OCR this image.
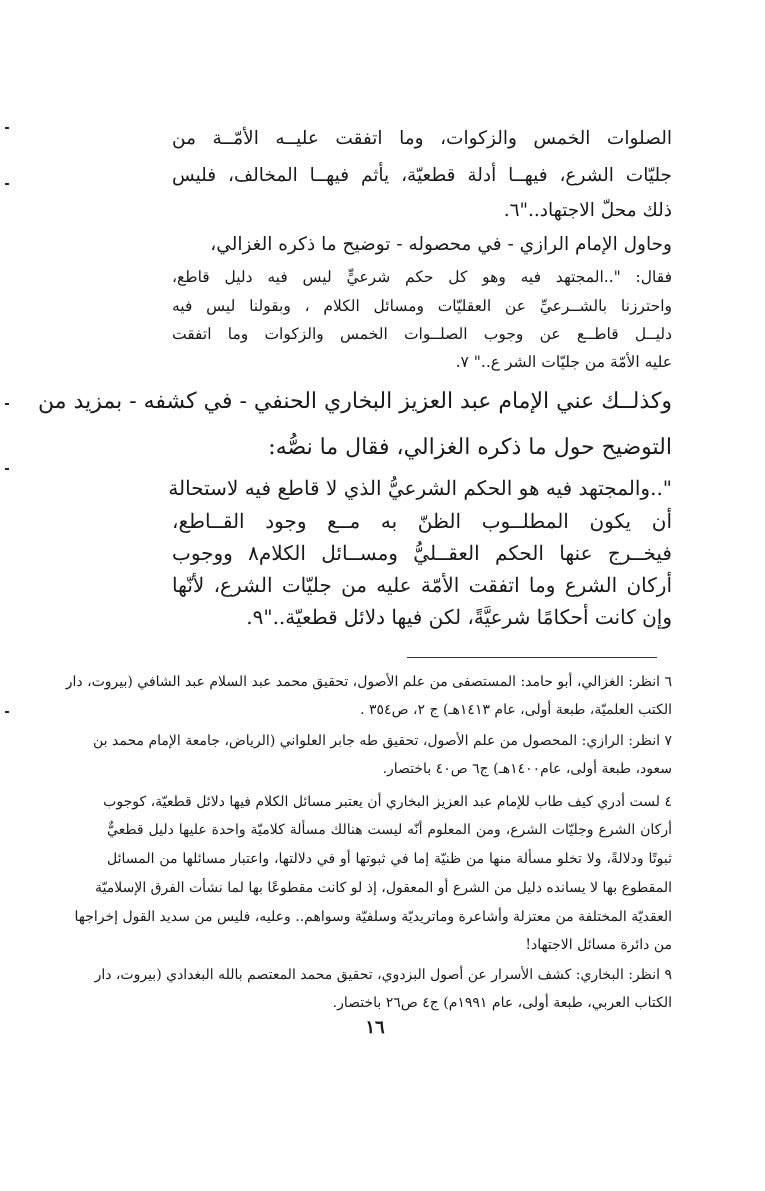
الصلوات الخمس والزكوات، وما اتفقت عليــه الأمّــة من
جليّات الشرع، فيهــا أدلة قطعيّة، يأثم فيهــا المخالف، فليس
ذلك محلّ الاجتهاد.."٦.
وحاول الإمام الرازي - في محصوله - توضيح ما ذكره الغزالي،
فقال: "..المجتهد فيه وهو كل حكم شرعيٍّ ليس فيه دليل قاطع،
واحترزنا بالشــرعيِّ عن العقليّات ومسائل الكلام ، وبقولنا ليس فيه
دليــل قاطــع عن وجوب الصلــوات الخمس والزكوات وما اتفقت
عليه الأمّة من جليّات الشر ع.." ٧.
وكذلــك عني الإمام عبد العزيز البخاري الحنفي - في كشفه - بمزيد من
التوضيح حول ما ذكره الغزالي، فقال ما نصُّه:
"..والمجتهد فيه هو الحكم الشرعيُّ الذي لا قاطع فيه لاستحالة
أن يكون المطلــوب الظنّ به مــع وجود القــاطع،
فيخــرج عنها الحكم العقــليُّ ومســائل الكلام٨ ووجوب
أركان الشرع وما اتفقت الأمّة عليه من جليّات الشرع، لأنّها
وإن كانت أحكامًا شرعيَّةً، لكن فيها دلائل قطعيّة.."٩.
٦ انظر: الغزالي، أبو حامد: المستصفى من علم الأصول، تحقيق محمد عبد السلام عبد الشافي (بيروت، دار
الكتب العلميّة، طبعة أولى، عام ١٤١٣هـ) ج ٢، ص٣٥٤ .
٧ انظر: الرازي: المحصول من علم الأصول، تحقيق طه جابر العلواني (الرياض، جامعة الإمام محمد بن
سعود، طبعة أولى، عام١٤٠٠هـ) ج٦ ص٤٠ باختصار.
٤ لست أدري كيف طاب للإمام عبد العزيز البخاري أن يعتبر مسائل الكلام فيها دلائل قطعيّة، كوجوب
أركان الشرع وجليّات الشرع، ومن المعلوم أنّه ليست هنالك مسألة كلاميّة واحدة عليها دليل قطعيٌّ
ثبوتًا ودلالةً، ولا تخلو مسألة منها من ظنيّة إما في ثبوتها أو في دلالتها، واعتبار مسائلها من المسائل
المقطوع بها لا يسانده دليل من الشرع أو المعقول، إذ لو كانت مقطوعًا بها لما نشأت الفرق الإسلاميّة
العقديّة المختلفة من معتزلة وأشاعرة وماتريديّة وسلفيّة وسواهم.. وعليه، فليس من سديد القول إخراجها
من دائرة مسائل الاجتهاد!
٩ انظر: البخاري: كشف الأسرار عن أصول البزدوي، تحقيق محمد المعتصم بالله البغدادي (بيروت، دار
الكتاب العربي، طبعة أولى، عام ١٩٩١م) ج٤ ص٢٦ باختصار.
١٦
